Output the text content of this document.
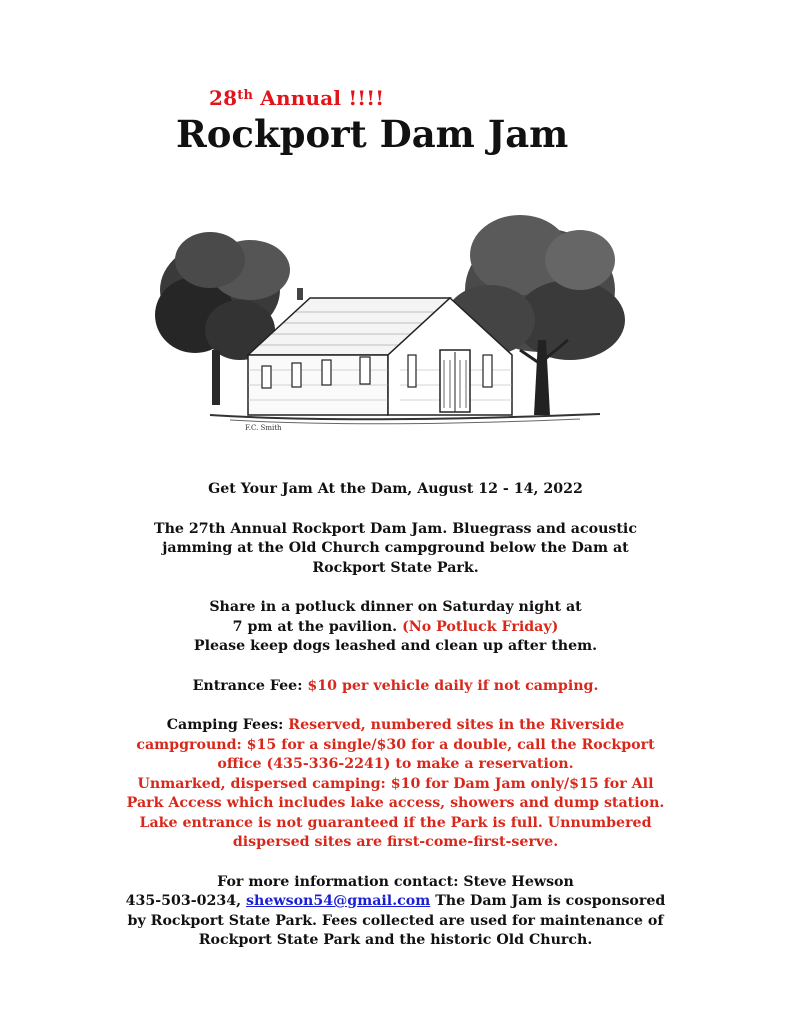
28th Annual !!!!
Rockport Dam Jam
F.C. Smith

Get Your Jam At the Dam, August 12 - 14, 2022

The 27th Annual Rockport Dam Jam. Bluegrass and acoustic
jamming at the Old Church campground below the Dam at
Rockport State Park.

Share in a potluck dinner on Saturday night at
7 pm at the pavilion. (No Potluck Friday)
Please keep dogs leashed and clean up after them.

Entrance Fee: $10 per vehicle daily if not camping.

Camping Fees: Reserved, numbered sites in the Riverside
campground: $15 for a single/$30 for a double, call the Rockport
office (435-336-2241) to make a reservation.
Unmarked, dispersed camping: $10 for Dam Jam only/$15 for All
Park Access which includes lake access, showers and dump station.
Lake entrance is not guaranteed if the Park is full. Unnumbered
dispersed sites are first-come-first-serve.

For more information contact: Steve Hewson
435-503-0234, shewson54@gmail.com The Dam Jam is cosponsored
by Rockport State Park. Fees collected are used for maintenance of
Rockport State Park and the historic Old Church.
